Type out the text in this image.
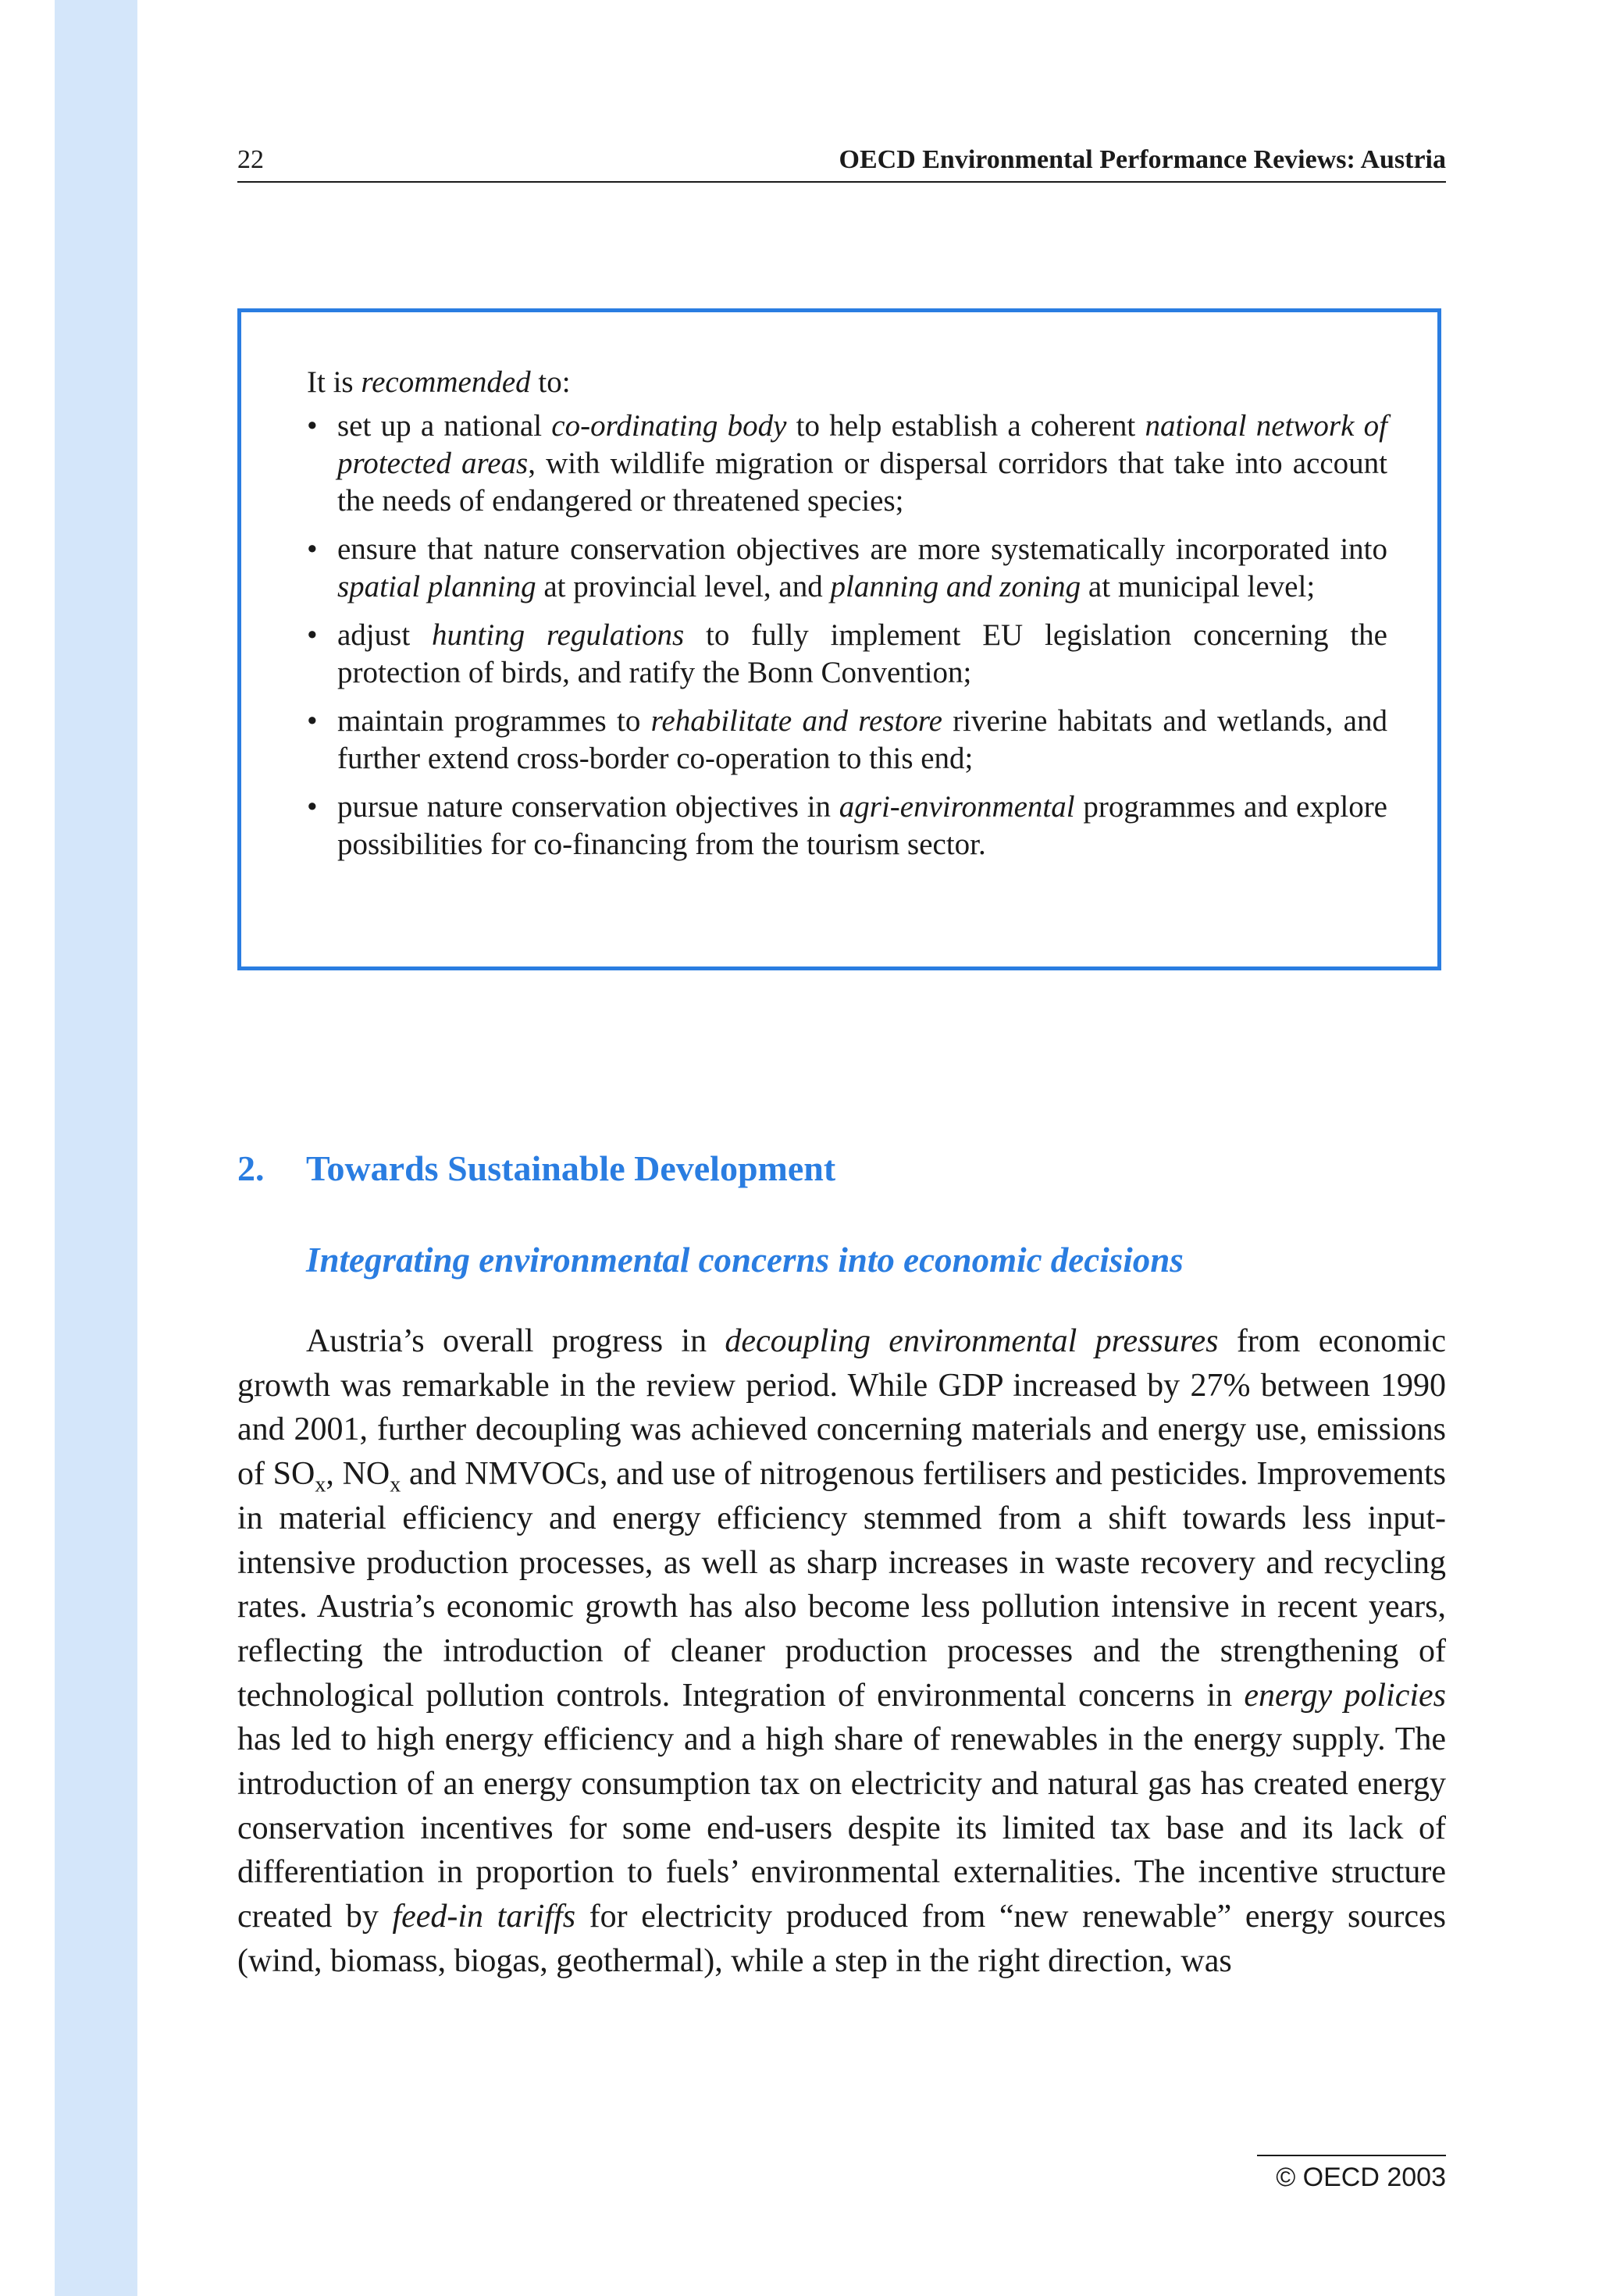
22	OECD Environmental Performance Reviews: Austria

It is recommended to:

• set up a national co-ordinating body to help establish a coherent national network of protected areas, with wildlife migration or dispersal corridors that take into account the needs of endangered or threatened species;
• ensure that nature conservation objectives are more systematically incorporated into spatial planning at provincial level, and planning and zoning at municipal level;
• adjust hunting regulations to fully implement EU legislation concerning the protection of birds, and ratify the Bonn Convention;
• maintain programmes to rehabilitate and restore riverine habitats and wetlands, and further extend cross-border co-operation to this end;
• pursue nature conservation objectives in agri-environmental programmes and explore possibilities for co-financing from the tourism sector.
2. Towards Sustainable Development
Integrating environmental concerns into economic decisions

Austria’s overall progress in decoupling environmental pressures from economic growth was remarkable in the review period. While GDP increased by 27% between 1990 and 2001, further decoupling was achieved concerning materials and energy use, emissions of $SO_x$, $NO_x$ and NMVOCs, and use of nitrogenous fertilisers and pesticides. Improvements in material efficiency and energy efficiency stemmed from a shift towards less input-intensive production processes, as well as sharp increases in waste recovery and recycling rates. Austria’s economic growth has also become less pollution intensive in recent years, reflecting the introduction of cleaner production processes and the strengthening of technological pollution controls. Integration of environmental concerns in energy policies has led to high energy efficiency and a high share of renewables in the energy supply. The introduction of an energy consumption tax on electricity and natural gas has created energy conservation incentives for some end-users despite its limited tax base and its lack of differentiation in proportion to fuels’ environmental externalities. The incentive structure created by feed-in tariffs for electricity produced from “new renewable” energy sources (wind, biomass, biogas, geothermal), while a step in the right direction, was

© OECD 2003
